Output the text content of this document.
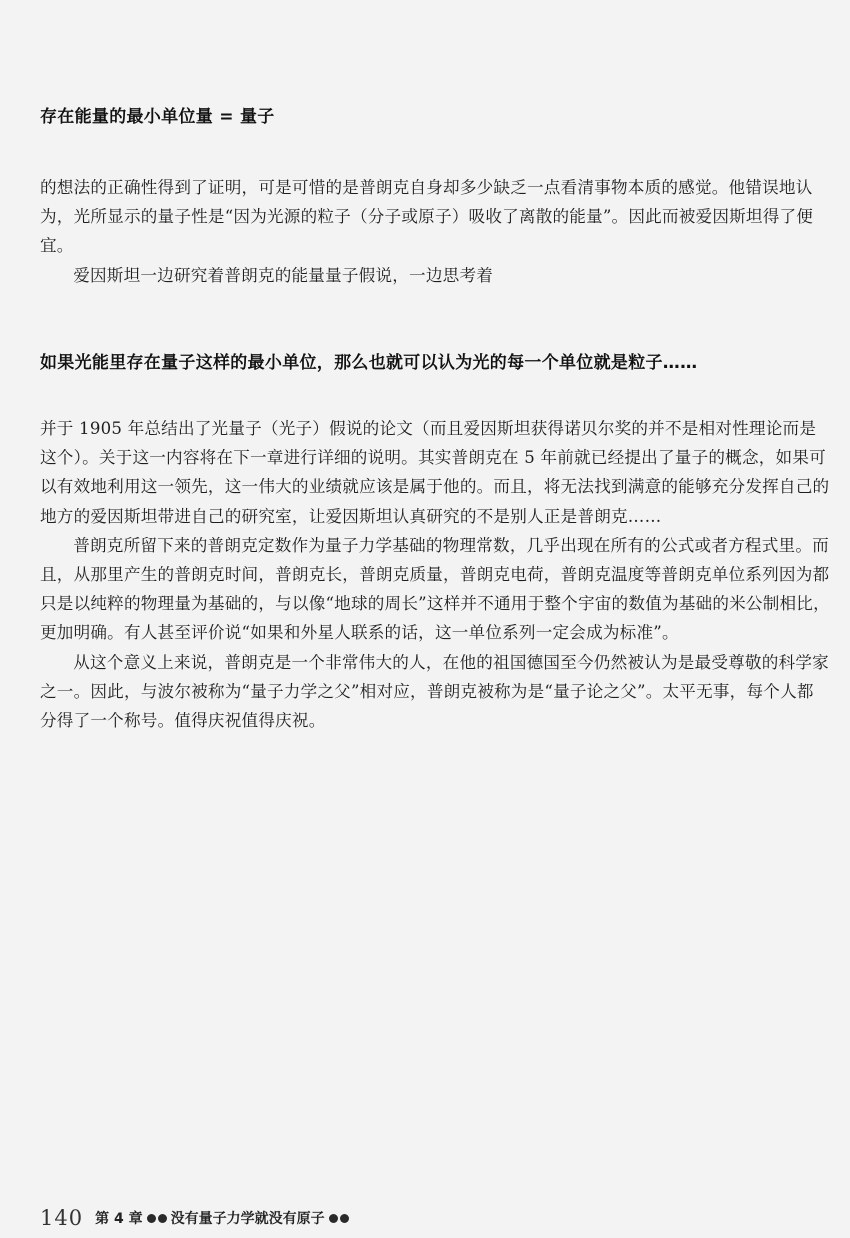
存在能量的最小单位量 = 量子

的想法的正确性得到了证明，可是可惜的是普朗克自身却多少缺乏一点看清事物本质的感觉。他错误地认为，光所显示的量子性是“因为光源的粒子（分子或原子）吸收了离散的能量”。因此而被爱因斯坦得了便宜。

爱因斯坦一边研究着普朗克的能量量子假说，一边思考着

如果光能里存在量子这样的最小单位，那么也就可以认为光的每一个单位就是粒子……

并于 1905 年总结出了光量子（光子）假说的论文（而且爱因斯坦获得诺贝尔奖的并不是相对性理论而是这个）。关于这一内容将在下一章进行详细的说明。其实普朗克在 5 年前就已经提出了量子的概念，如果可以有效地利用这一领先，这一伟大的业绩就应该是属于他的。而且，将无法找到满意的能够充分发挥自己的地方的爱因斯坦带进自己的研究室，让爱因斯坦认真研究的不是别人正是普朗克……

普朗克所留下来的普朗克定数作为量子力学基础的物理常数，几乎出现在所有的公式或者方程式里。而且，从那里产生的普朗克时间，普朗克长，普朗克质量，普朗克电荷，普朗克温度等普朗克单位系列因为都只是以纯粹的物理量为基础的，与以像“地球的周长”这样并不通用于整个宇宙的数值为基础的米公制相比，更加明确。有人甚至评价说“如果和外星人联系的话，这一单位系列一定会成为标准”。

从这个意义上来说，普朗克是一个非常伟大的人，在他的祖国德国至今仍然被认为是最受尊敬的科学家之一。因此，与波尔被称为“量子力学之父”相对应，普朗克被称为是“量子论之父”。太平无事，每个人都分得了一个称号。值得庆祝值得庆祝。

140 第 4 章 没有量子力学就没有原子
